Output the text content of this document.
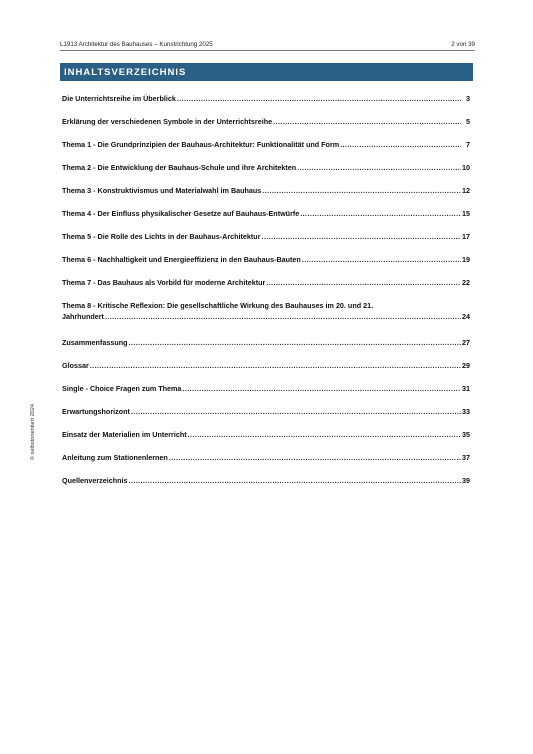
L1913 Architektur des Bauhauses – Kunstrichtung 2025	2 von 39
© selbstorientiert 2024
INHALTSVERZEICHNIS
Die Unterrichtsreihe im Überblick .....	3
Erklärung der verschiedenen Symbole in der Unterrichtsreihe .....	5
Thema 1 - Die Grundprinzipien der Bauhaus-Architektur: Funktionalität und Form .....	7
Thema 2 - Die Entwicklung der Bauhaus-Schule und ihre Architekten .....	10
Thema 3 - Konstruktivismus und Materialwahl im Bauhaus .....	12
Thema 4 - Der Einfluss physikalischer Gesetze auf Bauhaus-Entwürfe .....	15
Thema 5 - Die Rolle des Lichts in der Bauhaus-Architektur .....	17
Thema 6 - Nachhaltigkeit und Energieeffizienz in den Bauhaus-Bauten .....	19
Thema 7 - Das Bauhaus als Vorbild für moderne Architektur .....	22
Thema 8 - Kritische Reflexion: Die gesellschaftliche Wirkung des Bauhauses im 20. und 21.
Jahrhundert .....	24
Zusammenfassung .....	27
Glossar .....	29
Single - Choice Fragen zum Thema .....	31
Erwartungshorizont .....	33
Einsatz der Materialien im Unterricht .....	35
Anleitung zum Stationenlernen .....	37
Quellenverzeichnis .....	39
